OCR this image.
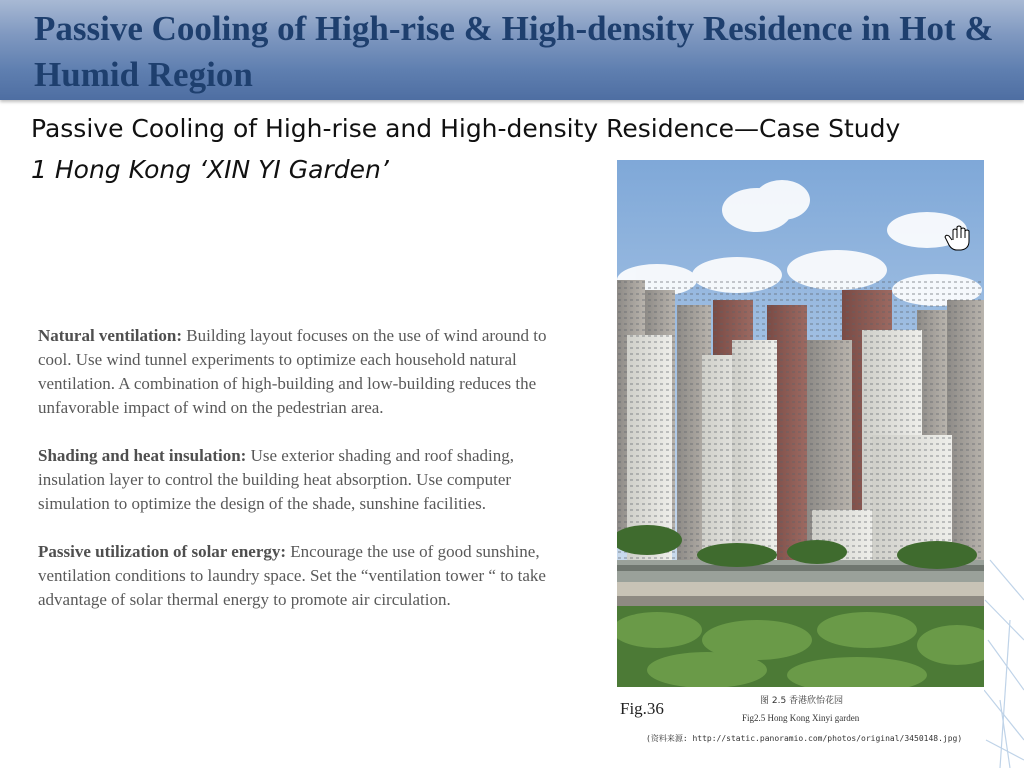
Passive Cooling of High-rise & High-density Residence in Hot & Humid Region
Passive Cooling of High-rise and High-density Residence—Case Study
1 Hong Kong ‘XIN YI Garden’

Natural ventilation: Building layout focuses on the use of wind around to cool. Use wind tunnel experiments to optimize each household natural ventilation. A combination of high-building and low-building reduces the unfavorable impact of wind on the pedestrian area.

Shading and heat insulation: Use exterior shading and roof shading, insulation layer to control the building heat absorption. Use computer simulation to optimize the design of the shade, sunshine facilities.

Passive utilization of solar energy: Encourage the use of good sunshine, ventilation conditions to laundry space. Set the “ventilation tower “ to take advantage of solar thermal energy to promote air circulation.

Fig.36	图 2.5 香港欣怡花园
Fig2.5 Hong Kong Xinyi garden
(资料来源: http://static.panoramio.com/photos/original/3450148.jpg)
